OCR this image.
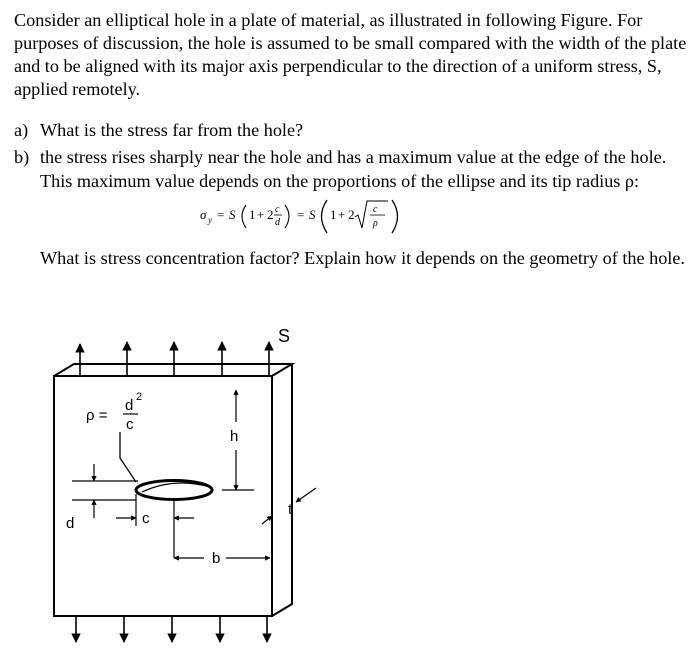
Consider an elliptical hole in a plate of material, as illustrated in following Figure. For purposes of discussion, the hole is assumed to be small compared with the width of the plate and to be aligned with its major axis perpendicular to the direction of a uniform stress, S, applied remotely.

a) What is the stress far from the hole?

b) the stress rises sharply near the hole and has a maximum value at the edge of the hole. This maximum value depends on the proportions of the ellipse and its tip radius ρ:

σ y = S 1 + 2 c
d
= S 1 + 2 c
ρ

What is stress concentration factor? Explain how it depends on the geometry of the hole.

S
ρ =
d 2
c
h
d	c
b
t
